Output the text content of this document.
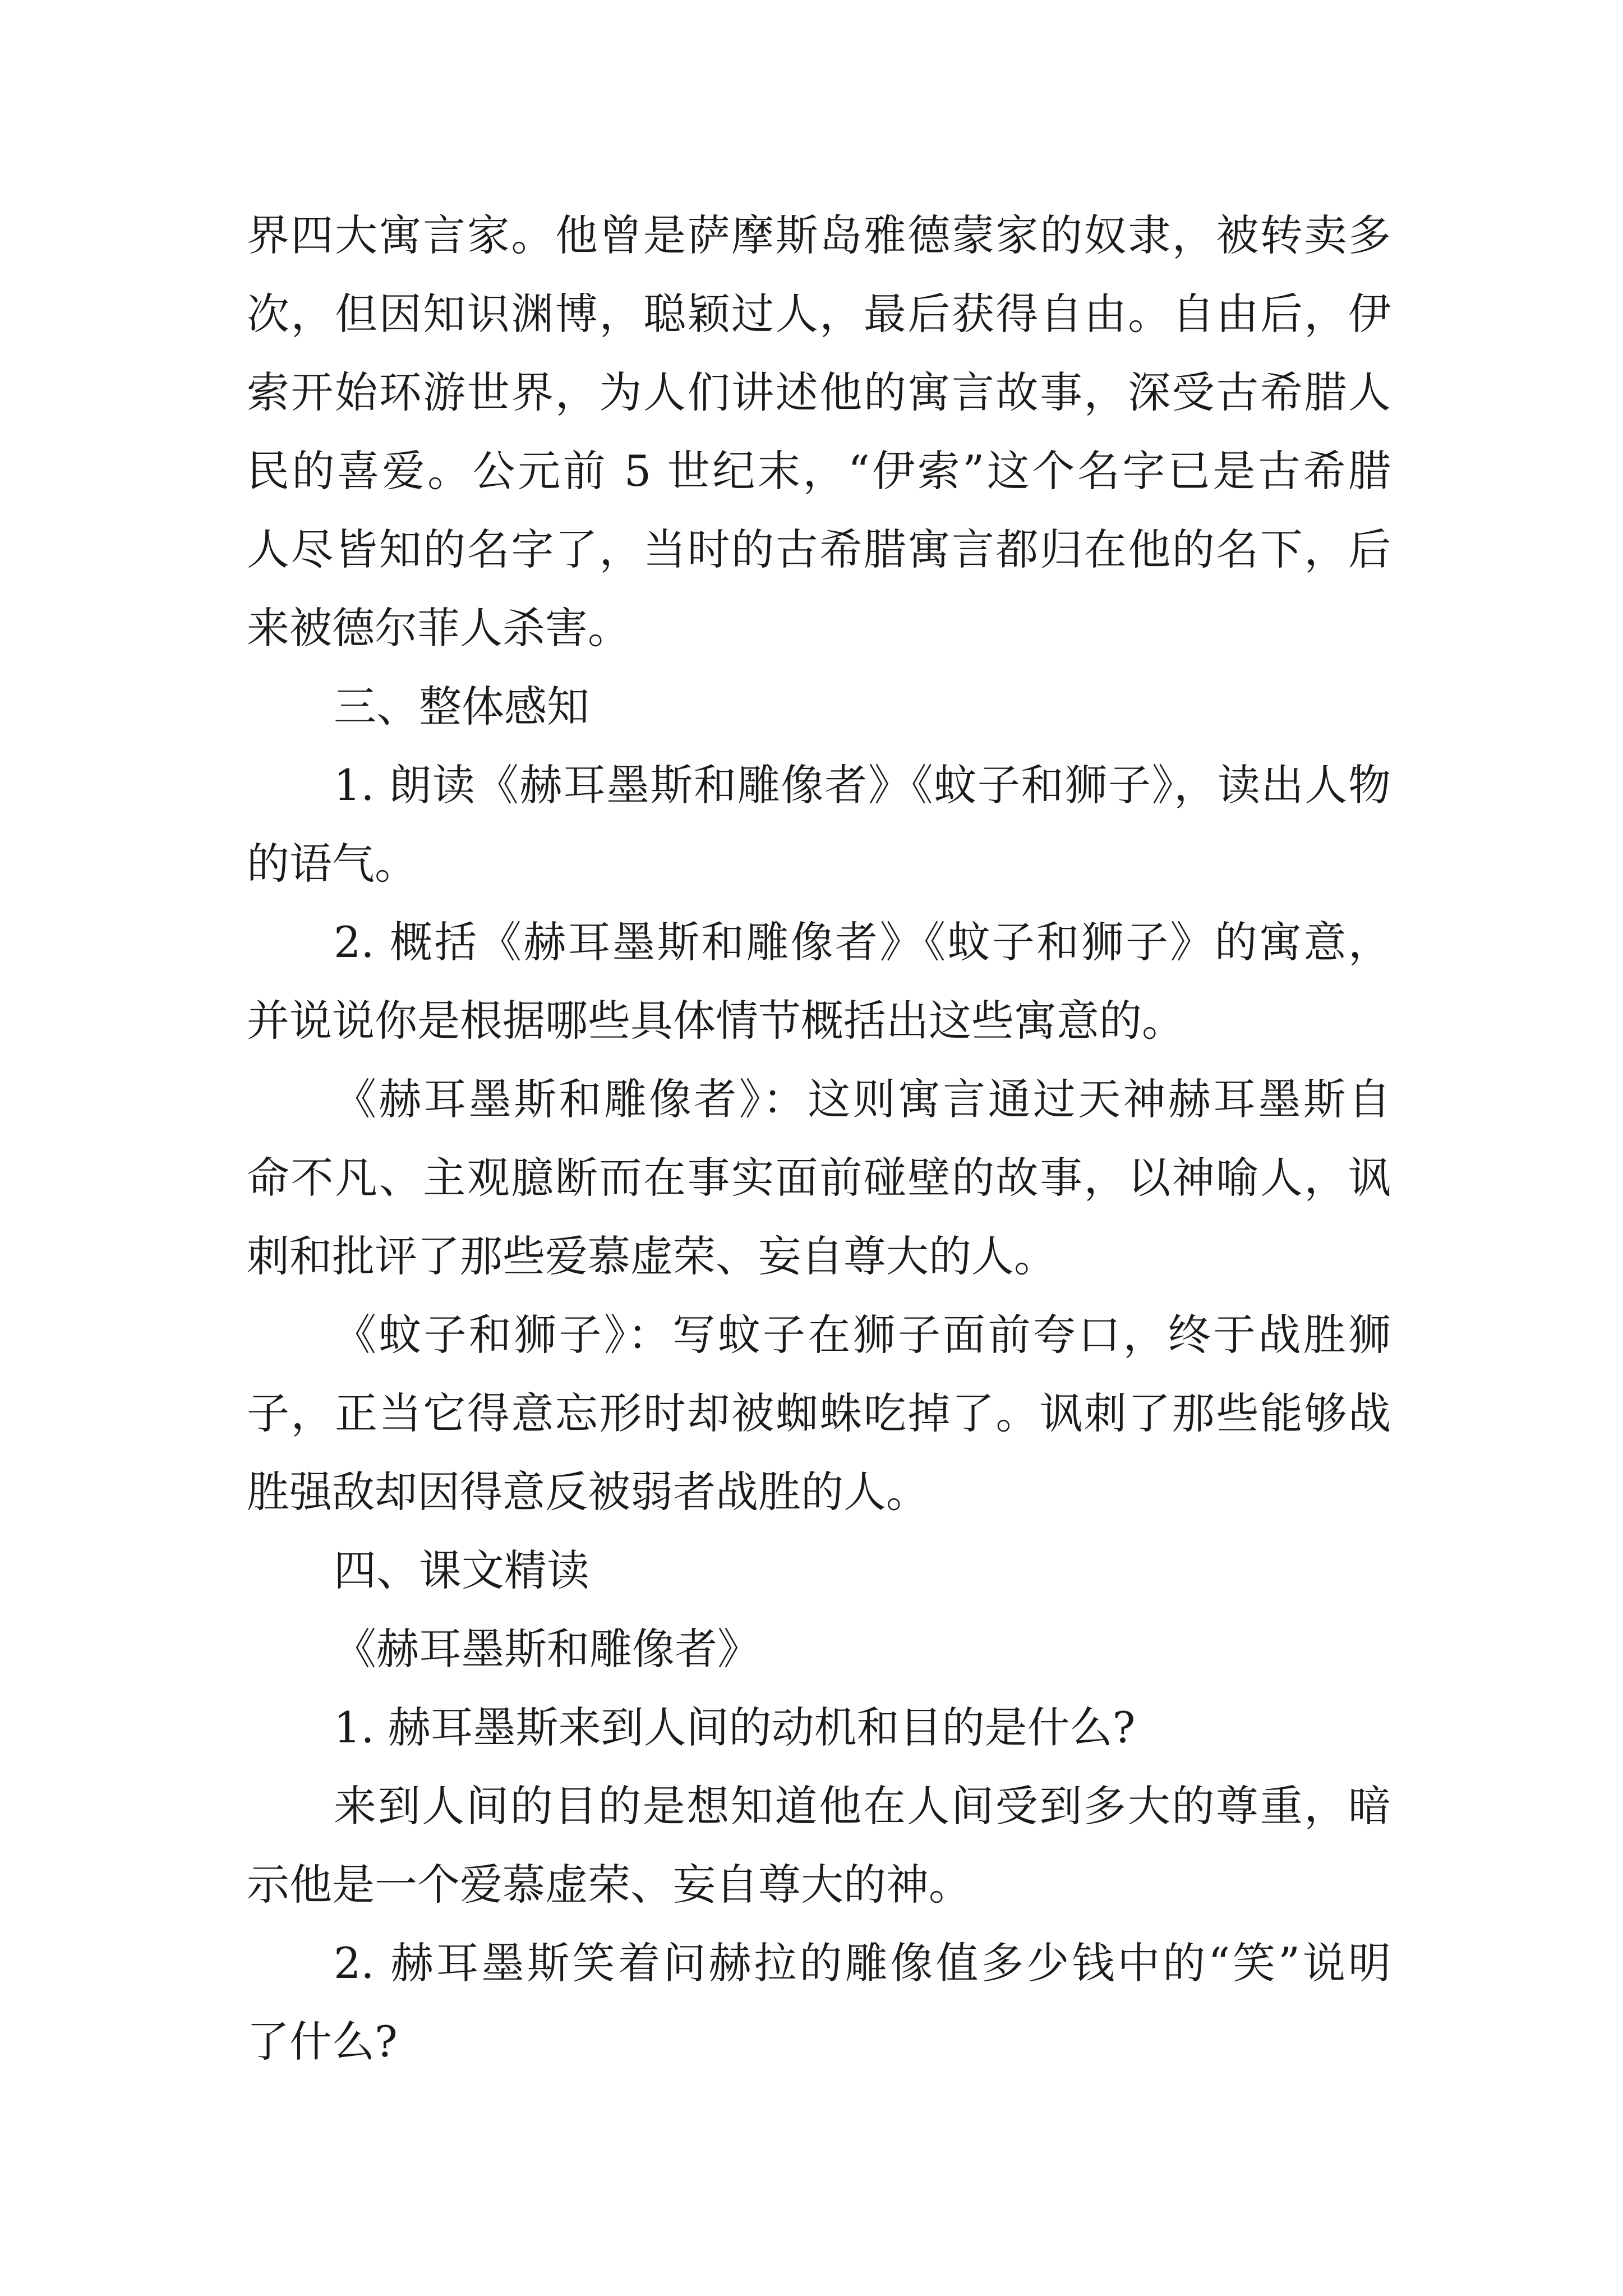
界四大寓言家。他曾是萨摩斯岛雅德蒙家的奴隶，被转卖多
次，但因知识渊博，聪颖过人，最后获得自由。自由后，伊
索开始环游世界，为人们讲述他的寓言故事，深受古希腊人
民的喜爱。公元前 5 世纪末，“伊索”这个名字已是古希腊
人尽皆知的名字了，当时的古希腊寓言都归在他的名下，后
来被德尔菲人杀害。
三、整体感知
1. 朗读《赫耳墨斯和雕像者》《蚊子和狮子》，读出人物
的语气。
2. 概括《赫耳墨斯和雕像者》《蚊子和狮子》的寓意，
并说说你是根据哪些具体情节概括出这些寓意的。
《赫耳墨斯和雕像者》：这则寓言通过天神赫耳墨斯自
命不凡、主观臆断而在事实面前碰壁的故事，以神喻人，讽
刺和批评了那些爱慕虚荣、妄自尊大的人。
《蚊子和狮子》：写蚊子在狮子面前夸口，终于战胜狮
子，正当它得意忘形时却被蜘蛛吃掉了。讽刺了那些能够战
胜强敌却因得意反被弱者战胜的人。
四、课文精读
《赫耳墨斯和雕像者》
1. 赫耳墨斯来到人间的动机和目的是什么?
来到人间的目的是想知道他在人间受到多大的尊重，暗
示他是一个爱慕虚荣、妄自尊大的神。
2. 赫耳墨斯笑着问赫拉的雕像值多少钱中的“笑”说明
了什么?
